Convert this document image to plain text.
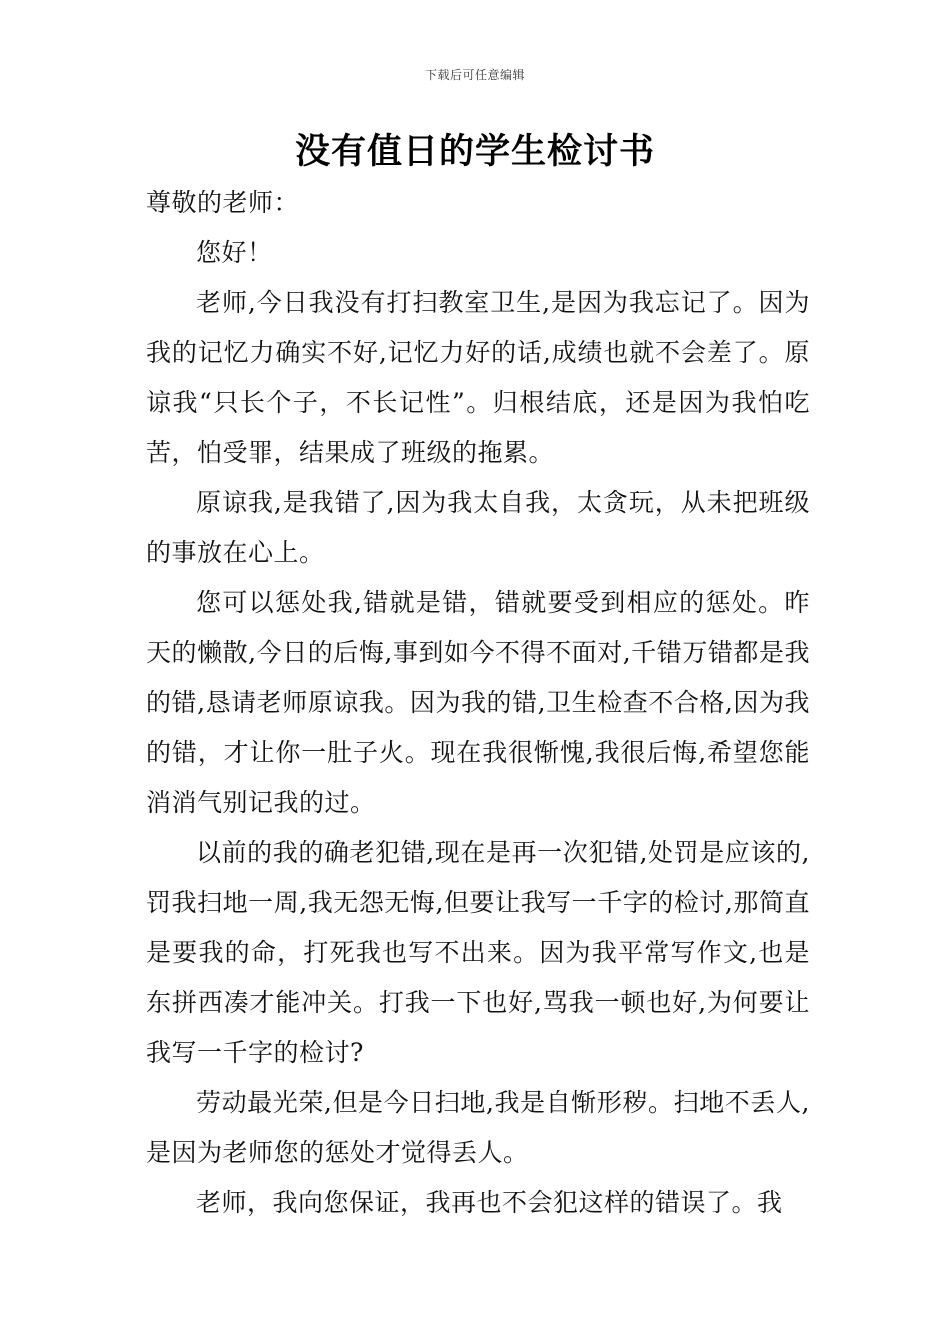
下载后可任意编辑
没有值日的学生检讨书

尊敬的老师：

您好！

老师,今日我没有打扫教室卫生,是因为我忘记了。因为我的记忆力确实不好,记忆力好的话,成绩也就不会差了。原谅我“只长个子，不长记性”。归根结底，还是因为我怕吃苦，怕受罪，结果成了班级的拖累。

原谅我,是我错了,因为我太自我，太贪玩，从未把班级的事放在心上。

您可以惩处我,错就是错，错就要受到相应的惩处。昨天的懒散,今日的后悔,事到如今不得不面对,千错万错都是我的错,恳请老师原谅我。因为我的错,卫生检查不合格,因为我的错，才让你一肚子火。现在我很惭愧,我很后悔,希望您能消消气别记我的过。

以前的我的确老犯错,现在是再一次犯错,处罚是应该的,罚我扫地一周,我无怨无悔,但要让我写一千字的检讨,那简直是要我的命，打死我也写不出来。因为我平常写作文,也是东拼西凑才能冲关。打我一下也好,骂我一顿也好,为何要让我写一千字的检讨?

劳动最光荣,但是今日扫地,我是自惭形秽。扫地不丢人,是因为老师您的惩处才觉得丢人。

老师，我向您保证，我再也不会犯这样的错误了。我
